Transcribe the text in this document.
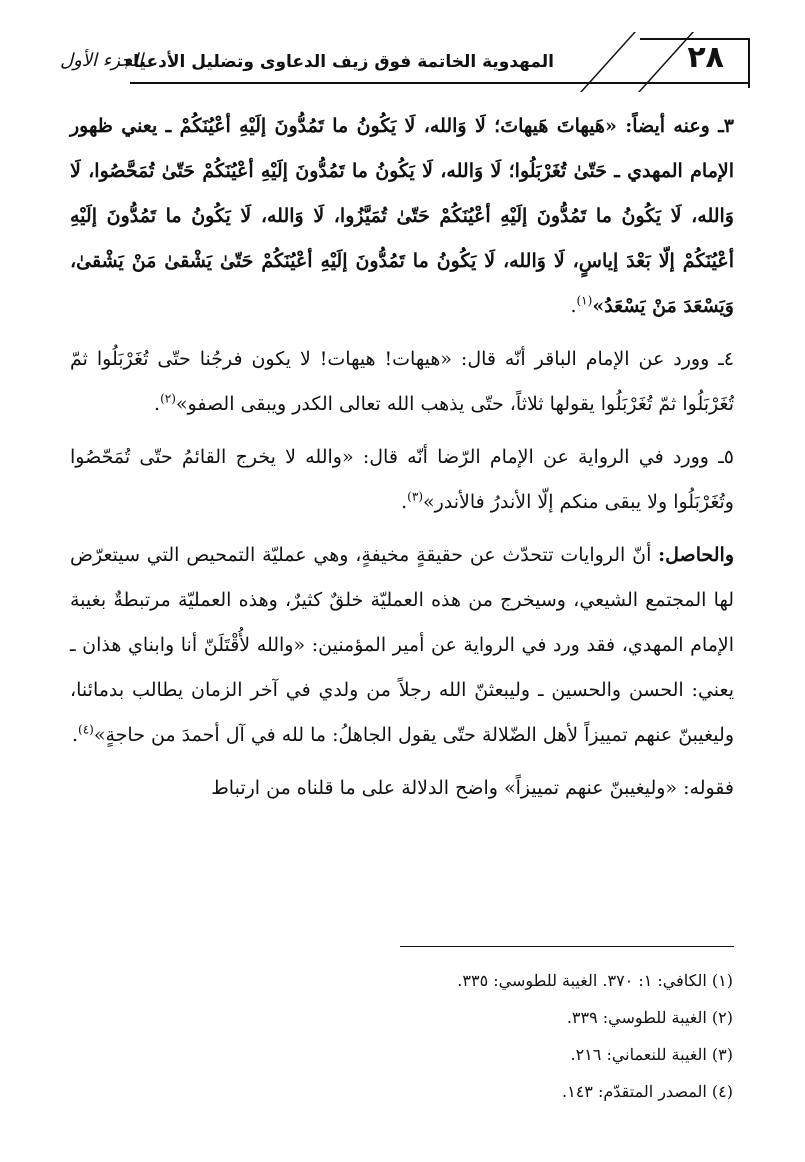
٢٨
المهدوية الخاتمة فوق زيف الدعاوى وتضليل الأدعياء
الجزء الأول

٣ـ وعنه أيضاً: «هَيهاتَ هَيهاتَ؛ لَا وَالله، لَا يَكُونُ ما تَمُدُّونَ إلَيْهِ أعْيُنَكُمْ ـ يعني ظهور الإمام المهدي ـ حَتّىٰ تُغَرْبَلُوا؛ لَا وَالله، لَا يَكُونُ ما تَمُدُّونَ إلَيْهِ أعْيُنَكُمْ حَتّىٰ تُمَحَّصُوا، لَا وَالله، لَا يَكُونُ ما تَمُدُّونَ إلَيْهِ أعْيُنَكُمْ حَتّىٰ تُمَيَّزُوا، لَا وَالله، لَا يَكُونُ ما تَمُدُّونَ إلَيْهِ أعْيُنَكُمْ إلّا بَعْدَ إياسٍ، لَا وَالله، لَا يَكُونُ ما تَمُدُّونَ إلَيْهِ أعْيُنَكُمْ حَتّىٰ يَشْقىٰ مَنْ يَشْقىٰ، وَيَسْعَدَ مَنْ يَسْعَدُ»$^{(١)}$.

٤ـ وورد عن الإمام الباقر أنّه قال: «هيهات! هيهات! لا يكون فرجُنا حتّى تُغَرْبَلُوا ثمّ تُغَرْبَلُوا ثمّ تُغَرْبَلُوا يقولها ثلاثاً، حتّى يذهب الله تعالى الكدر ويبقى الصفو»$^{(٢)}$.

٥ـ وورد في الرواية عن الإمام الرّضا أنّه قال: «والله لا يخرج القائمُ حتّى تُمَحّصُوا وتُغَرْبَلُوا ولا يبقى منكم إلّا الأندرُ فالأندر»$^{(٣)}$.

والحاصل: أنّ الروايات تتحدّث عن حقيقةٍ مخيفةٍ، وهي عمليّة التمحيص التي سيتعرّض لها المجتمع الشيعي، وسيخرج من هذه العمليّة خلقٌ كثيرٌ، وهذه العمليّة مرتبطةٌ بغيبة الإمام المهدي، فقد ورد في الرواية عن أمير المؤمنين: «والله لأُقْتَلَنّ أنا وابناي هذان ـ يعني: الحسن والحسين ـ وليبعثنّ الله رجلاً من ولدي في آخر الزمان يطالب بدمائنا، وليغيبنّ عنهم تمييزاً لأهل الضّلالة حتّى يقول الجاهلُ: ما لله في آل أحمدَ من حاجةٍ»$^{(٤)}$.

فقوله: «وليغيبنّ عنهم تمييزاً» واضح الدلالة على ما قلناه من ارتباط

(١) الكافي: ١: ٣٧٠. الغيبة للطوسي: ٣٣٥.
(٢) الغيبة للطوسي: ٣٣٩.
(٣) الغيبة للنعماني: ٢١٦.
(٤) المصدر المتقدّم: ١٤٣.
